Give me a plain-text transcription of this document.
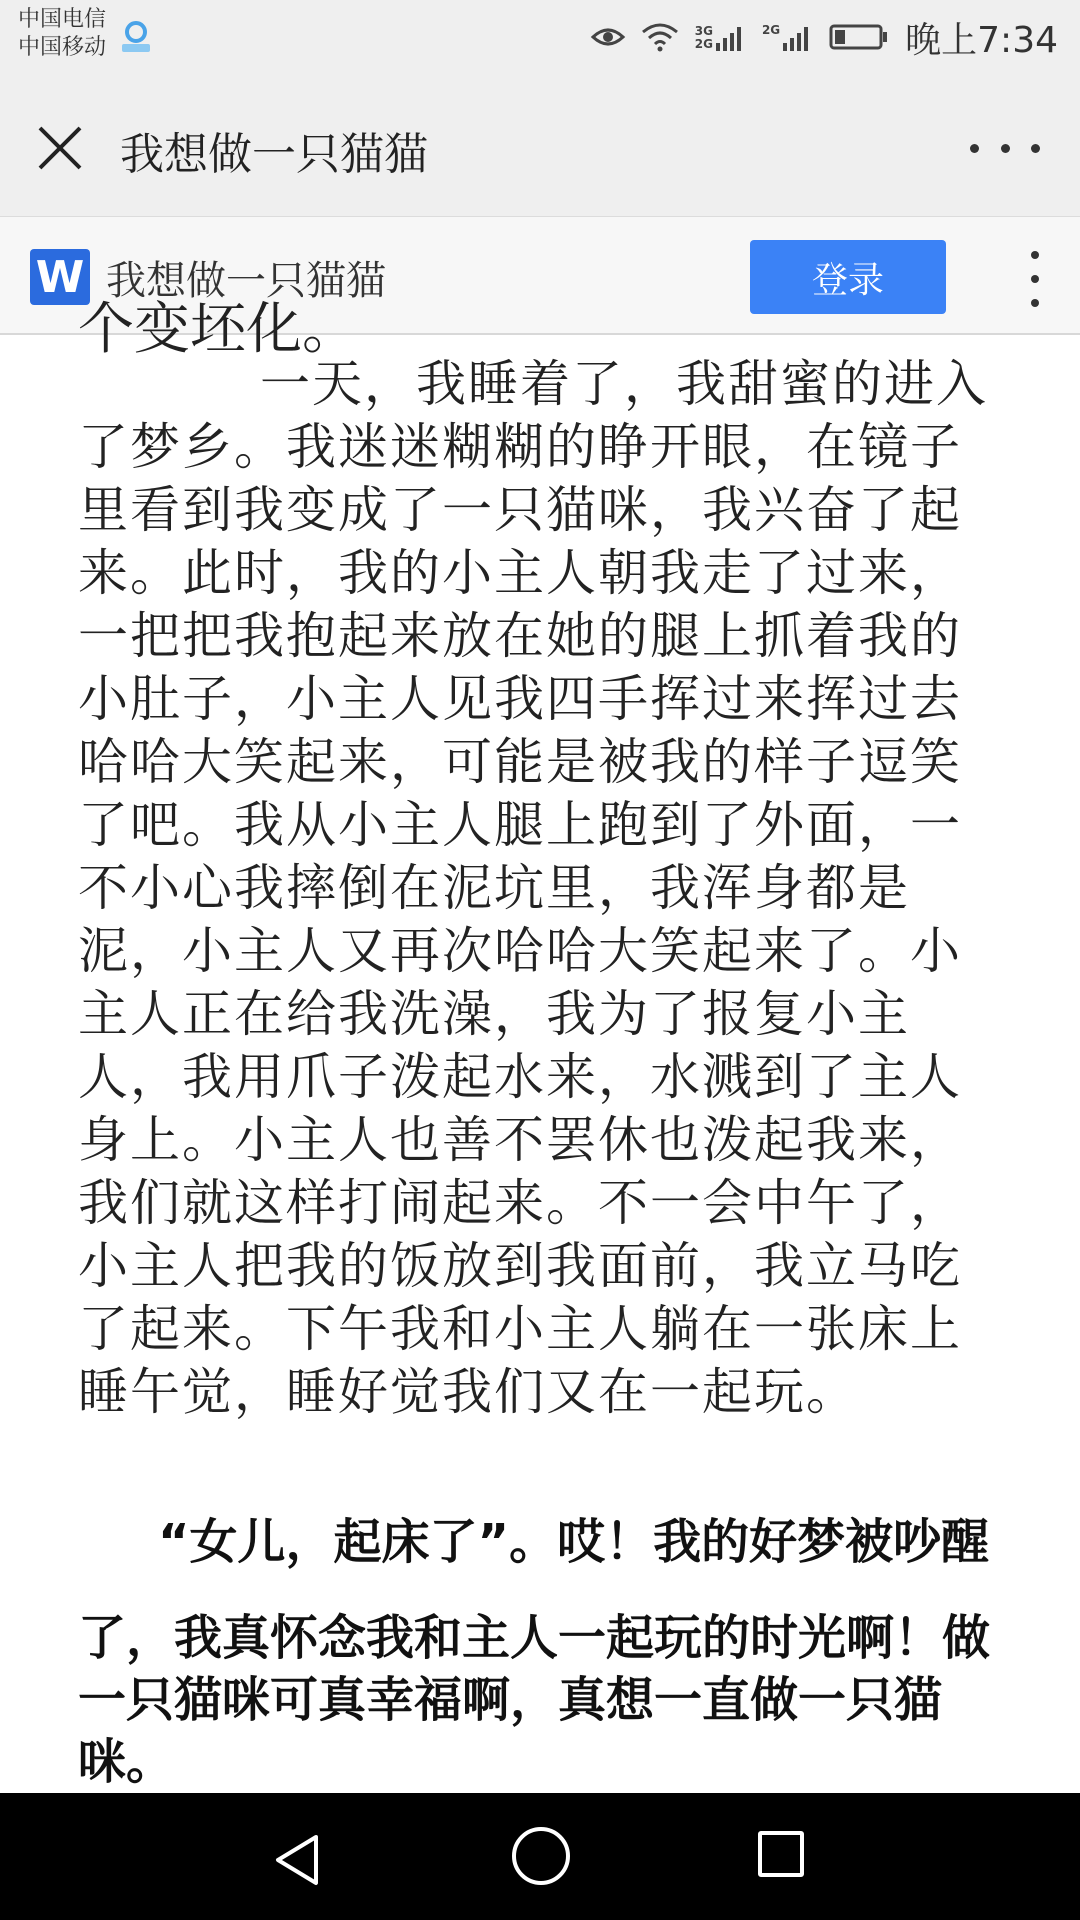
中国电信
中国移动
3G
2G
2G	晚上7:34
我想做一只猫猫
W 我想做一只猫猫	登录
个变坯化。
一天，我睡着了，我甜蜜的进入了梦乡。我迷迷糊糊的睁开眼，在镜子里看到我变成了一只猫咪，我兴奋了起来。此时，我的小主人朝我走了过来，一把把我抱起来放在她的腿上抓着我的小肚子，小主人见我四手挥过来挥过去哈哈大笑起来，可能是被我的样子逗笑了吧。我从小主人腿上跑到了外面，一不小心我摔倒在泥坑里，我浑身都是泥，小主人又再次哈哈大笑起来了。小主人正在给我洗澡，我为了报复小主人，我用爪子泼起水来，水溅到了主人身上。小主人也善不罢休也泼起我来，我们就这样打闹起来。不一会中午了，小主人把我的饭放到我面前，我立马吃了起来。下午我和小主人躺在一张床上睡午觉，睡好觉我们又在一起玩。
“女儿，起床了”。哎！我的好梦被吵醒
了，我真怀念我和主人一起玩的时光啊！做一只猫咪可真幸福啊，真想一直做一只猫咪。
